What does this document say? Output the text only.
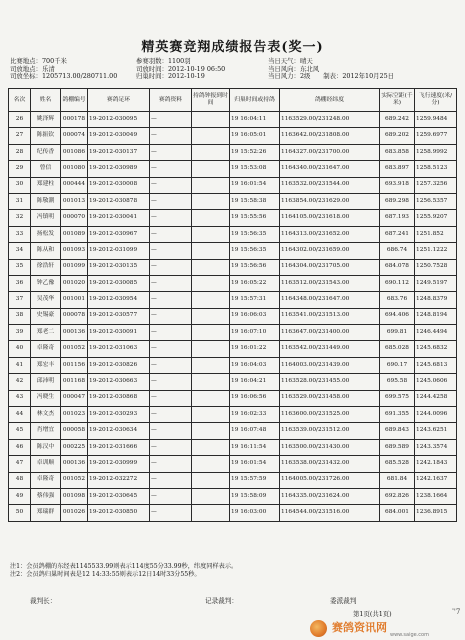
精英赛竞翔成绩报告表(奖一)
比赛地点：700千米
司放地点：乐清
司放坐标：1205713.00/280711.00
参赛羽数：1100羽
司放时间：2012-10-19 06:50
归巢时间：2012-10-19
当日天气：晴天
当日风向：东北风
当日风力：2级　　制表：2012年10月25日
名次	姓名	鸽棚编号	赛鸽足环	赛鸽资料	持鸽钟报到时间	归巢时间或持鸽	鸽棚经纬度	实际空距(千米)	飞行速度(米/分)
26	姚泽辉	000178	19-2012-030095	—		19 16:04:11	1163529.00/231248.00	689.242	1259.9484
27	陈振钦	000074	19-2012-030049	—		19 16:05:01	1163642.00/231808.00	689.202	1259.6977
28	纪传香	001086	19-2012-030137	—		19 15:52:26	1164327.00/231700.00	683.858	1258.9992
29	曾信	001080	19-2012-030989	—		19 15:53:08	1164340.00/231647.00	683.897	1258.5123
30	郑建柱	000444	19-2012-030008	—		19 16:01:54	1163532.00/231544.00	693.918	1257.3256
31	陈敬潮	001013	19-2012-030878	—		19 15:58:38	1163854.00/231629.00	689.298	1256.5357
32	冯镇明	000070	19-2012-030041	—		19 15:55:56	1164105.00/231618.00	687.193	1255.9207
33	扬松发	001089	19-2012-030967	—		19 15:56:35	1164313.00/231652.00	687.241	1251.852
34	陈从和	001093	19-2012-031099	—		19 15:56:35	1164302.00/231659.00	686.74	1251.1222
35	徐浩轩	001099	19-2012-030135	—		19 15:56:56	1164304.00/231705.00	684.078	1250.7528
36	钟乙豫	001020	19-2012-030085	—		19 16:05:22	1163512.00/231543.00	690.112	1249.5197
37	吴茂华	001001	19-2012-030954	—		19 15:57:31	1164348.00/231647.00	683.76	1248.8379
38	史锡豪	000078	19-2012-030577	—		19 16:06:03	1163541.00/231513.00	694.406	1248.8194
39	郑老二	000136	19-2012-030091	—		19 16:07:10	1163647.00/231400.00	699.81	1246.4494
40	卓隆奇	001052	19-2012-031063	—		19 16:01:22	1163542.00/231449.00	685.028	1245.6832
41	郑宏丰	001156	19-2012-030826	—		19 16:04:03	1164003.00/231439.00	690.17	1245.6813
42	邱沛明	001168	19-2012-030663	—		19 16:04:21	1163528.00/231455.00	695.58	1245.0606
43	冯晓生	000047	19-2012-030868	—		19 16:06:56	1163529.00/231458.00	699.575	1244.4258
44	林文杰	001023	19-2012-030293	—		19 16:02:33	1163600.00/231525.00	691.355	1244.0096
45	肖增宜	000058	19-2012-030634	—		19 16:07:48	1163539.00/231512.00	689.843	1243.6251
46	陈汉中	000225	19-2012-031666	—		19 16:11:54	1163500.00/231430.00	689.589	1243.3574
47	卓训顺	000136	19-2012-030999	—		19 16:01:54	1163538.00/231432.00	685.528	1242.1843
48	卓隆奇	001052	19-2012-032272	—		19 15:57:59	1164005.00/231726.00	681.84	1242.1637
49	蔡伟强	001098	19-2012-030645	—		19 15:58:09	1164335.00/231624.00	692.826	1238.1664
50	郑瑞群	001026	19-2012-030850	—		19 16:03:00	1164544.00/231516.00	684.001	1236.8915
注1：会员鸽棚的东经表1145533.99则表示114度55分33.99秒，纬度同样表示。
注2：会员鸽归巢时间表是12 14:33:55则表示12日14时33分55秒。
裁判长：	记录裁判：	委派裁判
第1页(共1页)	ˈ'7
赛鸽资讯网
www.saige.com
